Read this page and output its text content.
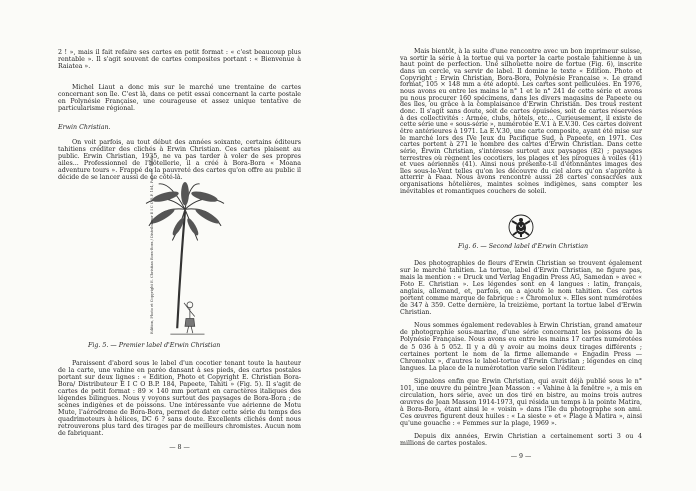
2 ! », mais il fait refaire ses cartes en petit format : « c'est beaucoup plus rentable ». Il s'agit souvent de cartes composites portant : « Bienvenue à Raiatea ».

Michel Liaut a donc mis sur le marché une trentaine de cartes concernant son île. C'est là, dans ce petit essai concernant la carte postale en Polynésie Française, une courageuse et assez unique tentative de particularisme régional.

Erwin Christian.

On voit parfois, au tout début des années soixante, certains éditeurs tahitiens créditer des clichés à Erwin Christian. Ces cartes plaisent au public. Erwin Christian, 1935, ne va pas tarder à voler de ses propres ailes... Professionnel de l'hôtellerie, il a créé à Bora-Bora « Moana adventure tours ». Frappé de la pauvreté des cartes qu'on offre au public il décide de se lancer aussi de ce côté-là.

Edition, Photo et Copyright E. Christian Bora-Bora / Distributeur E I C O B.P. 184, Papeete, Tahiti.
Fig. 5. — Premier label d'Erwin Christian

Paraissent d'abord sous le label d'un cocotier tenant toute la hauteur de la carte, une vahine en paréo dansant à ses pieds, des cartes postales portant sur deux lignes : « Edition, Photo et Copyright E. Christian Bora-Bora/ Distributeur E I C O B.P. 184, Papeete, Tahiti » (Fig. 5). Il s'agit de cartes de petit format : 89 × 140 mm portant en caractères italiques des légendes bilingues. Nous y voyons surtout des paysages de Bora-Bora ; de scènes indigènes et de poissons. Une intéressante vue aérienne de Motu Mute, l'aérodrome de Bora-Bora, permet de dater cette série du temps des quadrimoteurs à hélices, DC 6 ? sans doute. Excellents clichés dont nous retrouverons plus tard des tirages par de meilleurs chromistes. Aucun nom de fabriquant.

— 8 —

Mais bientôt, à la suite d'une rencontre avec un bon imprimeur suisse, va sortir la série à la tortue qui va porter la carte postale tahitienne à un haut point de perfection. Une silhouette noire de tortue (Fig. 6), inscrite dans un cercle, va servir de label. Il domine le texte « Edition. Photo et Copyright : Erwin Christian, Bora-Bora, Polynésie Française ». Le grand format, 105 × 148 mm a été adopté. Les cartes sont pelliculées. En 1976, nous avons eu entre les mains le n° 1 et le n° 241 de cette série et avons pu nous procurer 160 spécimens, dans les divers magasins de Papeete ou des îles, ou grâce à la complaisance d'Erwin Christian. Des trous restent donc. Il s'agit sans doute, soit de cartes épuisées, soit de cartes réservées à des collectivités : Armée, clubs, hôtels, etc... Curieusement, il existe de cette série une « sous-série », numérotée E.V.1 à E.V.30. Ces cartes doivent être antérieures à 1971. La E.V.30, une carte composite, ayant été mise sur le marché lors des IVe Jeux du Pacifique Sud, à Papeete, en 1971. Ces cartes portent à 271 le nombre des cartes d'Erwin Christian. Dans cette série, Erwin Christian, s'intéresse surtout aux paysages (82) ; paysages terrestres où règnent les cocotiers, les plages et les pirogues à voiles (41) et vues aériennes (41). Ainsi nous présente-t-il d'étonnantes images des îles sous-le-Vent telles qu'on les découvre du ciel alors qu'on s'apprête à atterrir à Faaa. Nous avons rencontré aussi 28 cartes consacrées aux organisations hôtelières, maintes scènes indigènes, sans compter les inévitables et romantiques couchers de soleil.

Fig. 6. — Second label d'Erwin Christian

Des photographies de fleurs d'Erwin Christian se trouvent également sur le marché tahitien. La tortue, label d'Erwin Christian, ne figure pas, mais la mention : « Druck und Verlag Engadin Press AG, Samedan » avec « Foto E. Christian ». Les légendes sont en 4 langues : latin, français, anglais, allemand, et, parfois, on a ajouté le nom tahitien. Ces cartes portent comme marque de fabrique : « Chromolux ». Elles sont numérotées de 347 à 359. Cette dernière, la treizième, portant la tortue label d'Erwin Christian.

Nous sommes également redevables à Erwin Christian, grand amateur de photographie sous-marine, d'une série concernant les poissons de la Polynésie Française. Nous avons eu entre les mains 17 cartes numérotées de 5 036 à 5 052. Il y a dû y avoir au moins deux tirages différents ; certaines portent le nom de la firme allemande « Engadin Press — Chromolux », d'autres le label-tortue d'Erwin Christian ; légendes en cinq langues. La place de la numérotation varie selon l'éditeur.

Signalons enfin que Erwin Christian, qui avait déjà publié sous le n° 101, une œuvre du peintre Jean Masson : « Vahine à la fenêtre », a mis en circulation, hors série, avec un dos tiré en bistre, au moins trois autres œuvres de Jean Masson 1914-1973, qui résida un temps à la pointe Matira, à Bora-Bora, étant ainsi le « voisin » dans l'île du photographe son ami. Ces œuvres figurent deux huiles : « La sieste » et « Plage à Matira », ainsi qu'une gouache : « Femmes sur la plage, 1969 ».

Depuis dix années, Erwin Christian a certainement sorti 3 ou 4 millions de cartes postales.

— 9 —
